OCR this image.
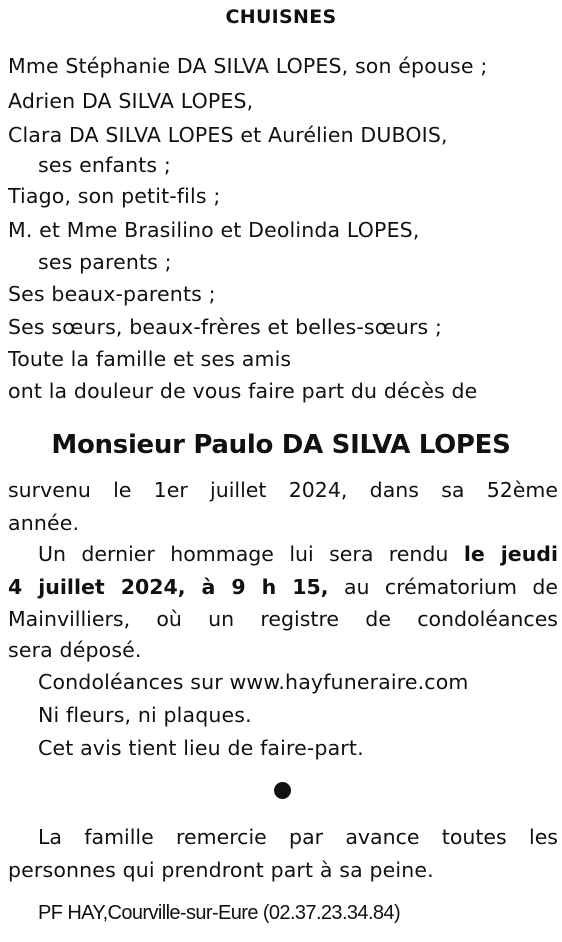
CHUISNES
Mme Stéphanie DA SILVA LOPES, son épouse ;
Adrien DA SILVA LOPES,
Clara DA SILVA LOPES et Aurélien DUBOIS,
ses enfants ;
Tiago, son petit-fils ;
M. et Mme Brasilino et Deolinda LOPES,
ses parents ;
Ses beaux-parents ;
Ses sœurs, beaux-frères et belles-sœurs ;
Toute la famille et ses amis
ont la douleur de vous faire part du décès de
Monsieur Paulo DA SILVA LOPES
survenu le 1er juillet 2024, dans sa 52ème
année.
Un dernier hommage lui sera rendu le jeudi
4 juillet 2024, à 9 h 15, au crématorium de
Mainvilliers, où un registre de condoléances
sera déposé.
Condoléances sur www.hayfuneraire.com
Ni fleurs, ni plaques.
Cet avis tient lieu de faire-part.
La famille remercie par avance toutes les
personnes qui prendront part à sa peine.
PF HAY,Courville-sur-Eure (02.37.23.34.84)
